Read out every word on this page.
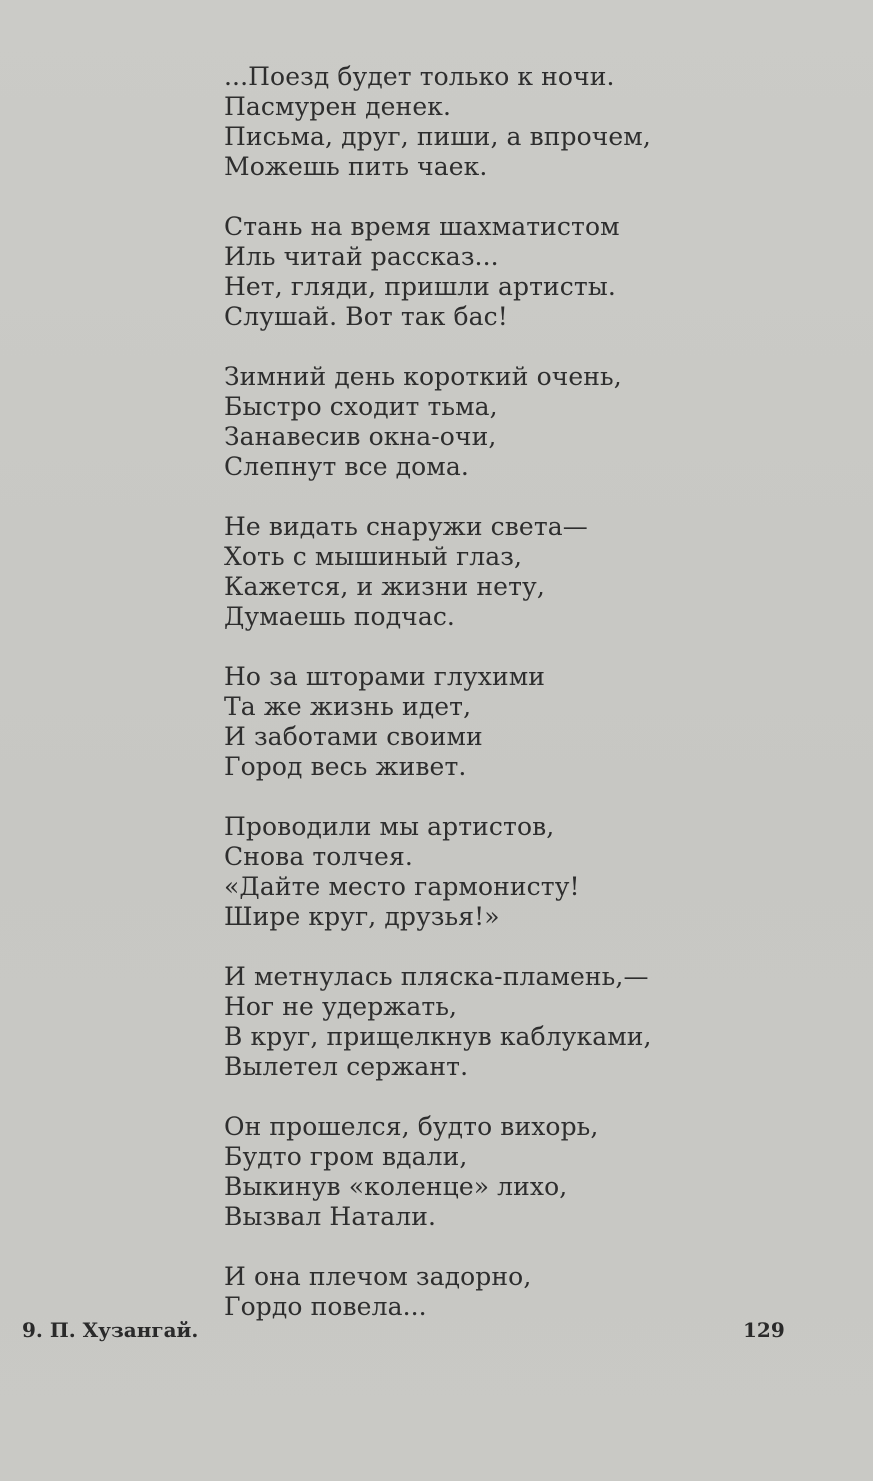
...Поезд будет только к ночи.
Пасмурен денек.
Письма, друг, пиши, а впрочем,
Можешь пить чаек.
Стань на время шахматистом
Иль читай рассказ...
Нет, гляди, пришли артисты.
Слушай. Вот так бас!
Зимний день короткий очень,
Быстро сходит тьма,
Занавесив окна-очи,
Слепнут все дома.
Не видать снаружи света—
Хоть с мышиный глаз,
Кажется, и жизни нету,
Думаешь подчас.
Но за шторами глухими
Та же жизнь идет,
И заботами своими
Город весь живет.
Проводили мы артистов,
Снова толчея.
«Дайте место гармонисту!
Шире круг, друзья!»
И метнулась пляска-пламень,—
Ног не удержать,
В круг, прищелкнув каблуками,
Вылетел сержант.
Он прошелся, будто вихорь,
Будто гром вдали,
Выкинув «коленце» лихо,
Вызвал Натали.
И она плечом задорно,
Гордо повела...
9. П. Хузангай.	129
